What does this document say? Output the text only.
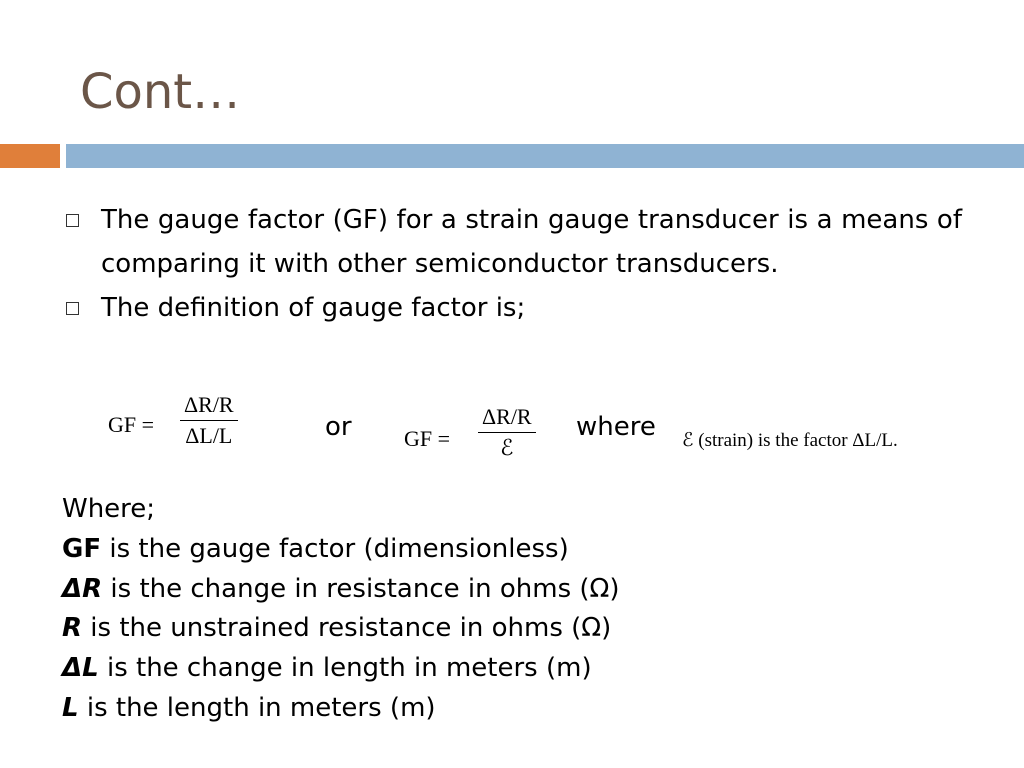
Cont…
The gauge factor (GF) for a strain gauge transducer is a means of comparing it with other semiconductor transducers.
The definition of gauge factor is;
GF =
ΔR/R
ΔL/L	or GF =
ΔR/R
ℰ
where ℰ (strain) is the factor ΔL/L.
Where;
GF is the gauge factor (dimensionless)
ΔR is the change in resistance in ohms (Ω)
R is the unstrained resistance in ohms (Ω)
ΔL is the change in length in meters (m)
L is the length in meters (m)
